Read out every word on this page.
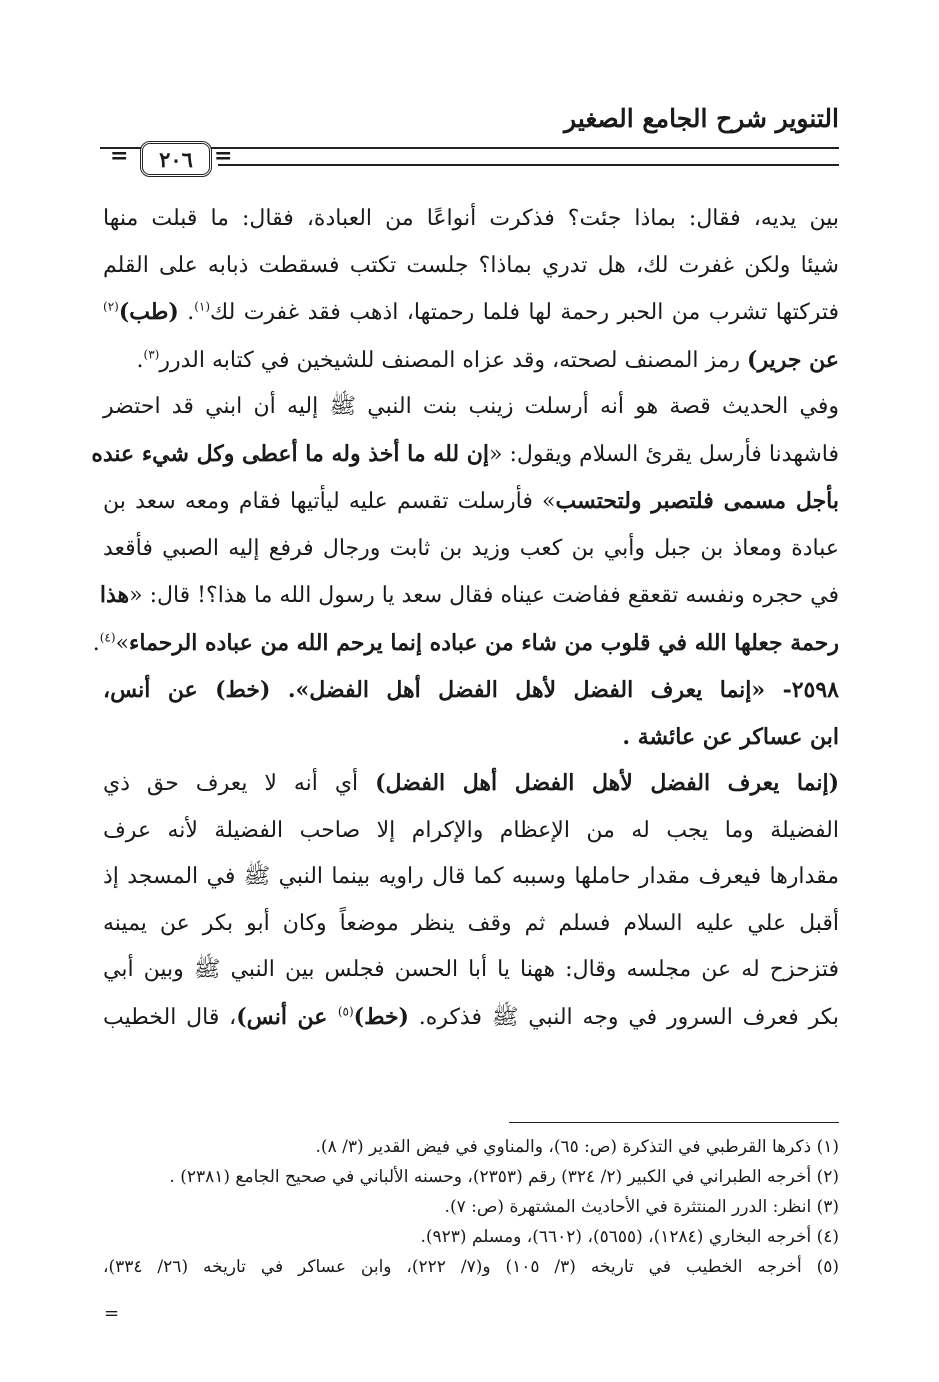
التنوير شرح الجامع الصغير
=
٢٠٦
=

بين يديه، فقال: بماذا جئت؟ فذكرت أنواعًا من العبادة، فقال: ما قبلت منها
شيئا ولكن غفرت لك، هل تدري بماذا؟ جلست تكتب فسقطت ذبابه على القلم
فتركتها تشرب من الحبر رحمة لها فلما رحمتها، اذهب فقد غفرت لك$^{(١)}$. (طب)$^{(٢)}$
عن جرير) رمز المصنف لصحته، وقد عزاه المصنف للشيخين في كتابه الدرر$^{(٣)}$.

وفي الحديث قصة هو أنه أرسلت زينب بنت النبي ﷺ إليه أن ابني قد احتضر
فاشهدنا فأرسل يقرئ السلام ويقول: «إن لله ما أخذ وله ما أعطى وكل شيء عنده
بأجل مسمى فلتصبر ولتحتسب» فأرسلت تقسم عليه ليأتيها فقام ومعه سعد بن
عبادة ومعاذ بن جبل وأبي بن كعب وزيد بن ثابت ورجال فرفع إليه الصبي فأقعد
في حجره ونفسه تقعقع ففاضت عيناه فقال سعد يا رسول الله ما هذا؟! قال: «هذا
رحمة جعلها الله في قلوب من شاء من عباده إنما يرحم الله من عباده الرحماء»$^{(٤)}$.

٢٥٩٨- «إنما يعرف الفضل لأهل الفضل أهل الفضل». (خط) عن أنس،
ابن عساكر عن عائشة .

(إنما يعرف الفضل لأهل الفضل أهل الفضل) أي أنه لا يعرف حق ذي
الفضيلة وما يجب له من الإعظام والإكرام إلا صاحب الفضيلة لأنه عرف
مقدارها فيعرف مقدار حاملها وسببه كما قال راويه بينما النبي ﷺ في المسجد إذ
أقبل علي عليه السلام فسلم ثم وقف ينظر موضعاً وكان أبو بكر عن يمينه
فتزحزح له عن مجلسه وقال: ههنا يا أبا الحسن فجلس بين النبي ﷺ وبين أبي
بكر فعرف السرور في وجه النبي ﷺ فذكره. (خط)$^{(٥)}$ عن أنس)، قال الخطيب

(١) ذكرها القرطبي في التذكرة (ص: ٦٥)، والمناوي في فيض القدير (٣/ ٨).
(٢) أخرجه الطبراني في الكبير (٢/ ٣٢٤) رقم (٢٣٥٣)، وحسنه الألباني في صحيح الجامع (٢٣٨١) .
(٣) انظر: الدرر المنتثرة في الأحاديث المشتهرة (ص: ٧).
(٤) أخرجه البخاري (١٢٨٤)، (٥٦٥٥)، (٦٦٠٢)، ومسلم (٩٢٣).
(٥) أخرجه الخطيب في تاريخه (٣/ ١٠٥) و(٧/ ٢٢٢)، وابن عساكر في تاريخه (٢٦/ ٣٣٤)،
=
